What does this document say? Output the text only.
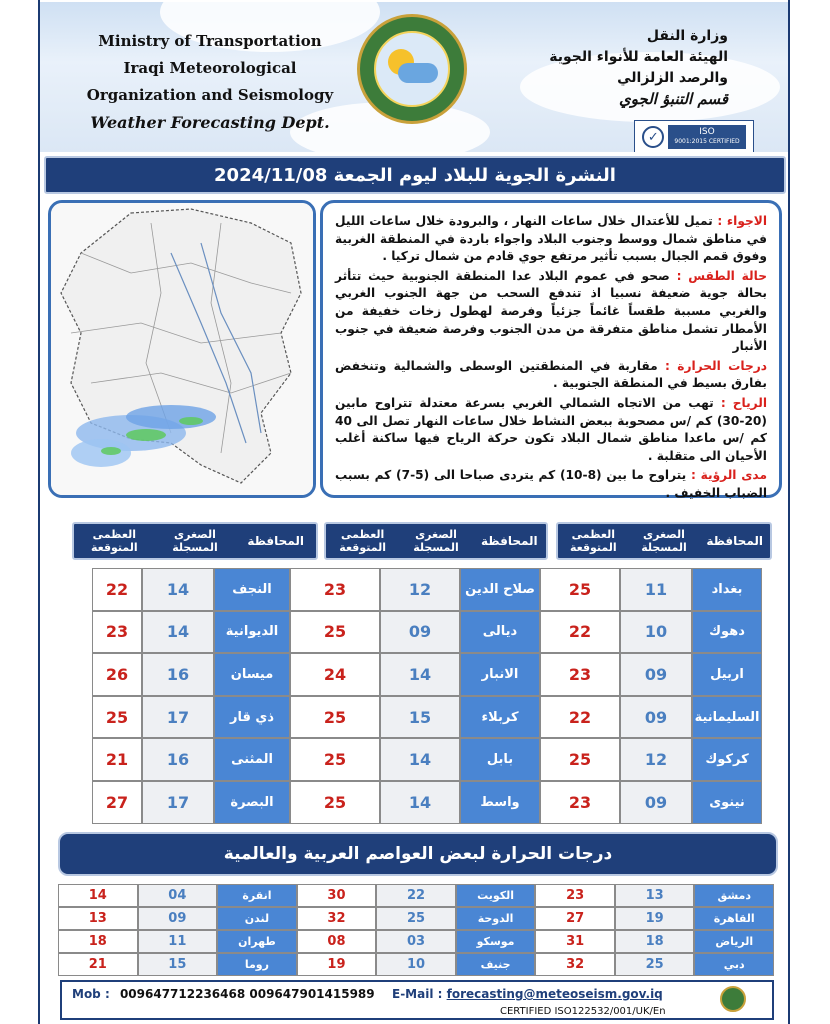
Ministry of Transportation
Iraqi Meteorological
Organization and Seismology
Weather Forecasting Dept.
وزارة النقل
الهيئة العامة للأنواء الجوية
والرصد الزلزالي
قسم التنبؤ الجوي
✓	ISO
9001:2015 CERTIFIED
النشرة الجوية للبلاد ليوم الجمعة 2024/11/08

الاجواء : تميل للأعتدال خلال ساعات النهار ، والبرودة خلال ساعات الليل في مناطق شمال ووسط وجنوب البلاد واجواء باردة في المنطقة الغربية وفوق قمم الجبال بسبب تأثير مرتفع جوي قادم من شمال تركيا .

حالة الطقس : صحو في عموم البلاد عدا المنطقة الجنوبية حيث تتأثر بحالة جوية ضعيفة نسبيا اذ تندفع السحب من جهة الجنوب الغربي والغربي مسببة طقساً غائماً جزئياً وفرصة لهطول زخات خفيفة من الأمطار تشمل مناطق متفرقة من مدن الجنوب وفرصة ضعيفة في جنوب الأنبار

درجات الحرارة : مقاربة في المنطقتين الوسطى والشمالية وتنخفض بفارق بسيط في المنطقة الجنوبية .

الرياح : تهب من الاتجاه الشمالي الغربي بسرعة معتدلة تتراوح مابين (20-30) كم /س مصحوبة ببعض النشاط خلال ساعات النهار تصل الى 40 كم /س ماعدا مناطق شمال البلاد تكون حركة الرياح فيها ساكنة أغلب الأحيان الى متقلبة .

مدى الرؤية : يتراوح ما بين (8-10) كم يتردى صباحا الى (5-7) كم بسبب الضباب الخفيف .

المحافظة
الصغرى المسجلة
العظمى المتوقعة
المحافظة
الصغرى المسجلة
العظمى المتوقعة
المحافظة
الصغرى المسجلة
العظمى المتوقعة
بغداد
11
25
صلاح الدين
12
23
النجف
14
22
دهوك
10
22
ديالى
09
25
الديوانية
14
23
اربيل
09
23
الانبار
14
24
ميسان
16
26
السليمانية
09
22
كربلاء
15
25
ذي قار
17
25
كركوك
12
25
بابل
14
25
المثنى
16
21
نينوى
09
23
واسط
14
25
البصرة
17
27
درجات الحرارة لبعض العواصم العربية والعالمية
دمشق
13
23
الكويت
22
30
انقرة
04
14
القاهرة
19
27
الدوحة
25
32
لندن
09
13
الرياض
18
31
موسكو
03
08
طهران
11
18
دبي
25
32
جنيف
10
19
روما
15
21
Mob : 009647712236468 009647901415989 E-Mail : forecasting@meteoseism.gov.iq
CERTIFIED ISO122532/001/UK/En
